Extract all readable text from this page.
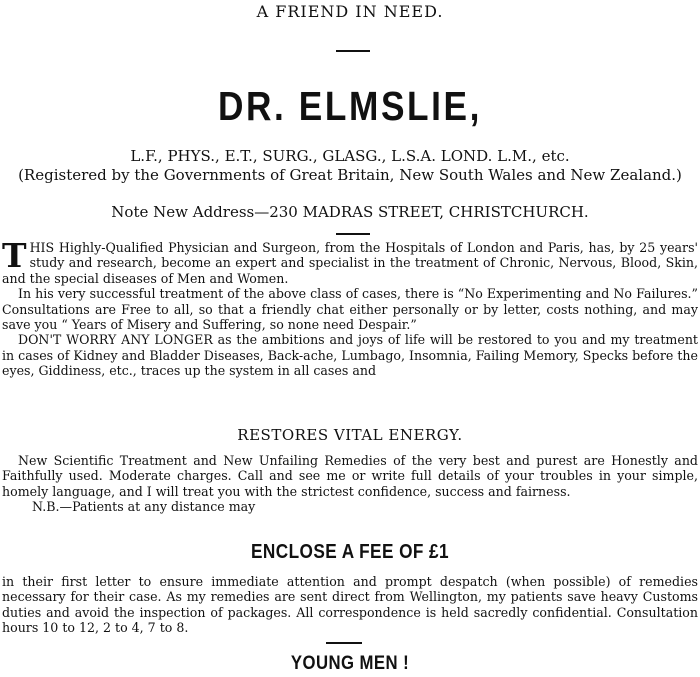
A FRIEND IN NEED.
DR. ELMSLIE,
L.F., PHYS., E.T., SURG., GLASG., L.S.A. LOND. L.M., etc.
(Registered by the Governments of Great Britain, New South Wales and New Zealand.)
Note New Address—230 MADRAS STREET, CHRISTCHURCH.
THIS Highly-Qualified Physician and Surgeon, from the Hospitals of London and Paris, has, by 25 years' study and research, become an expert and specialist in the treatment of Chronic, Nervous, Blood, Skin, and the special diseases of Men and Women.
In his very successful treatment of the above class of cases, there is “No Experimenting and No Failures.” Consultations are Free to all, so that a friendly chat either personally or by letter, costs nothing, and may save you “ Years of Misery and Suffering, so none need Despair.”
DON'T WORRY ANY LONGER as the ambitions and joys of life will be restored to you and my treatment in cases of Kidney and Bladder Diseases, Back-ache, Lumbago, Insomnia, Failing Memory, Specks before the eyes, Giddiness, etc., traces up the system in all cases and
RESTORES VITAL ENERGY.
New Scientific Treatment and New Unfailing Remedies of the very best and purest are Honestly and Faithfully used. Moderate charges. Call and see me or write full details of your troubles in your simple, homely language, and I will treat you with the strictest confidence, success and fairness.
N.B.—Patients at any distance may
ENCLOSE A FEE OF £1
in their first letter to ensure immediate attention and prompt despatch (when possible) of remedies necessary for their case. As my remedies are sent direct from Wellington, my patients save heavy Customs duties and avoid the inspection of packages. All correspondence is held sacredly confidential. Consultation hours 10 to 12, 2 to 4, 7 to 8.
YOUNG MEN !
